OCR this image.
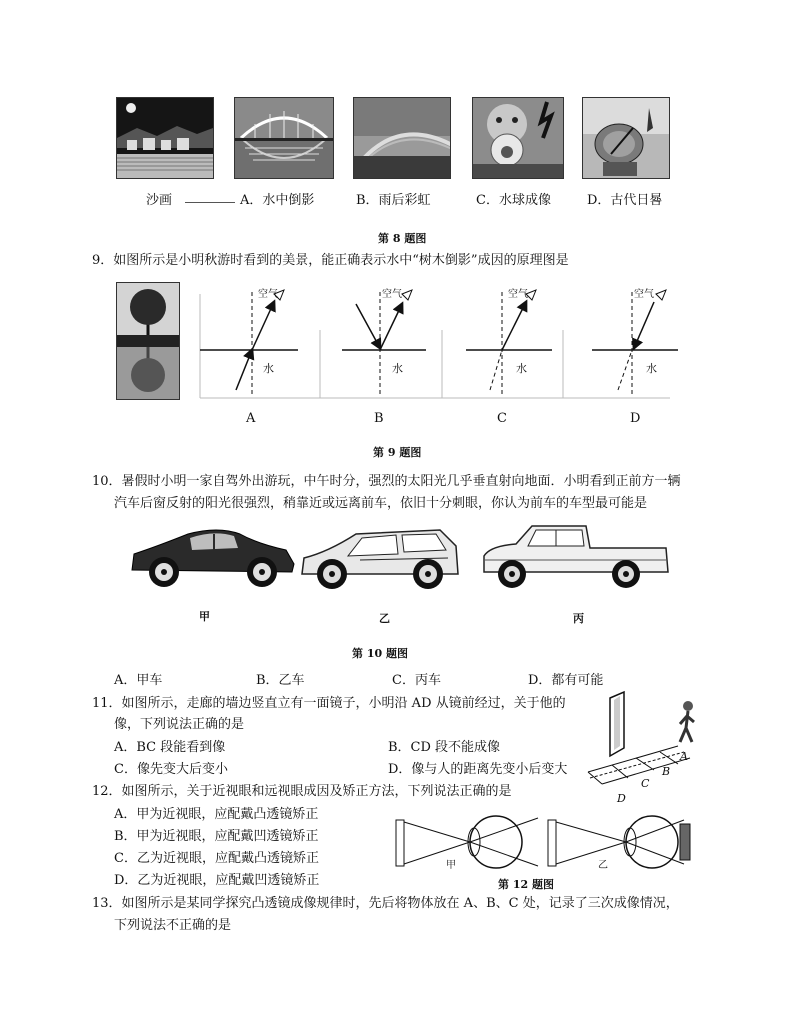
沙画	A．水中倒影	B．雨后彩虹	C．水球成像	D．古代日晷
第 8 题图
9．如图所示是小明秋游时看到的美景，能正确表示水中“树木倒影”成因的原理图是
空气	空气	空气	空气
水	水	水	水
A	B	C	D
第 9 题图
10．暑假时小明一家自驾外出游玩，中午时分，强烈的太阳光几乎垂直射向地面．小明看到正前方一辆
汽车后窗反射的阳光很强烈，稍靠近或远离前车，依旧十分刺眼，你认为前车的车型最可能是
甲	乙	丙
第 10 题图
A．甲车	B．乙车	C．丙车	D．都有可能
11．如图所示，走廊的墙边竖直立有一面镜子，小明沿 AD 从镜前经过，关于他的
像，下列说法正确的是
A．BC 段能看到像	B．CD 段不能成像
C．像先变大后变小	D．像与人的距离先变小后变大
A
B
C
D
12．如图所示，关于近视眼和远视眼成因及矫正方法，下列说法正确的是
A．甲为近视眼，应配戴凸透镜矫正
B．甲为近视眼，应配戴凹透镜矫正
C．乙为近视眼，应配戴凸透镜矫正
D．乙为近视眼，应配戴凹透镜矫正
甲	乙
第 12 题图
13．如图所示是某同学探究凸透镜成像规律时，先后将物体放在 A、B、C 处，记录了三次成像情况，
下列说法不正确的是
